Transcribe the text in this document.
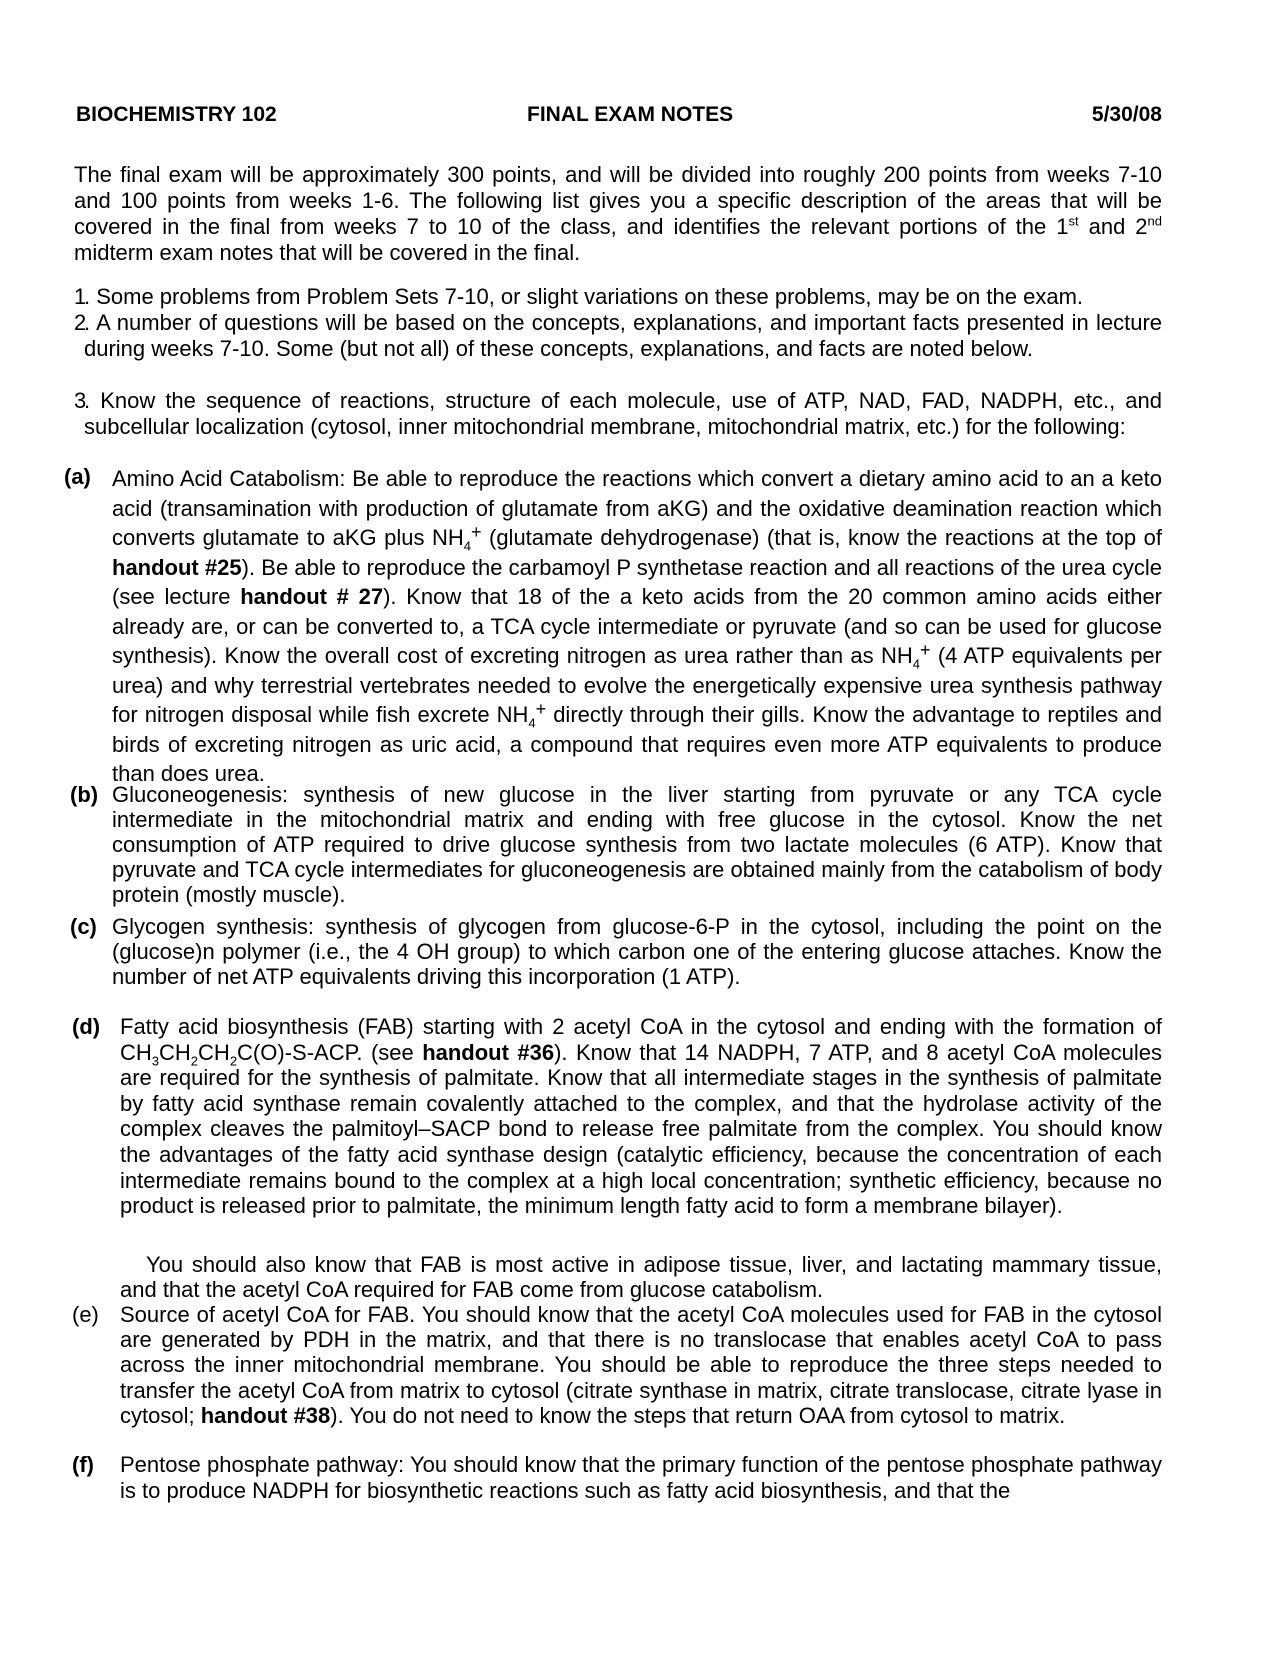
BIOCHEMISTRY 102	FINAL EXAM NOTES	5/30/08
The final exam will be approximately 300 points, and will be divided into roughly 200 points from weeks 7-10 and 100 points from weeks 1-6. The following list gives you a specific description of the areas that will be covered in the final from weeks 7 to 10 of the class, and identifies the relevant portions of the 1st and 2nd midterm exam notes that will be covered in the final.
1
. Some problems from Problem Sets 7-10, or slight variations on these problems, may be on the exam.
2
. A number of questions will be based on the concepts, explanations, and important facts presented in lecture during weeks 7-10. Some (but not all) of these concepts, explanations, and facts are noted below.
3
. Know the sequence of reactions, structure of each molecule, use of ATP, NAD, FAD, NADPH, etc., and subcellular localization (cytosol, inner mitochondrial membrane, mitochondrial matrix, etc.) for the following:
(a) Amino Acid Catabolism: Be able to reproduce the reactions which convert a dietary amino acid to an a keto acid (transamination with production of glutamate from aKG) and the oxidative deamination reaction which converts glutamate to aKG plus $NH_4^+$ (glutamate dehydrogenase) (that is, know the reactions at the top of handout #25). Be able to reproduce the carbamoyl P synthetase reaction and all reactions of the urea cycle (see lecture handout # 27). Know that 18 of the a keto acids from the 20 common amino acids either already are, or can be converted to, a TCA cycle intermediate or pyruvate (and so can be used for glucose synthesis). Know the overall cost of excreting nitrogen as urea rather than as $NH_4^+$ (4 ATP equivalents per urea) and why terrestrial vertebrates needed to evolve the energetically expensive urea synthesis pathway for nitrogen disposal while fish excrete $NH_4^+$ directly through their gills. Know the advantage to reptiles and birds of excreting nitrogen as uric acid, a compound that requires even more ATP equivalents to produce than does urea.
(b) Gluconeogenesis: synthesis of new glucose in the liver starting from pyruvate or any TCA cycle intermediate in the mitochondrial matrix and ending with free glucose in the cytosol. Know the net consumption of ATP required to drive glucose synthesis from two lactate molecules (6 ATP). Know that pyruvate and TCA cycle intermediates for gluconeogenesis are obtained mainly from the catabolism of body protein (mostly muscle).
(c) Glycogen synthesis: synthesis of glycogen from glucose-6-P in the cytosol, including the point on the (glucose)n polymer (i.e., the 4 OH group) to which carbon one of the entering glucose attaches. Know the number of net ATP equivalents driving this incorporation (1 ATP).
(d) Fatty acid biosynthesis (FAB) starting with 2 acetyl CoA in the cytosol and ending with the formation of $CH_3CH_2CH_2C(O)-S$-ACP. (see handout #36). Know that 14 NADPH, 7 ATP, and 8 acetyl CoA molecules are required for the synthesis of palmitate. Know that all intermediate stages in the synthesis of palmitate by fatty acid synthase remain covalently attached to the complex, and that the hydrolase activity of the complex cleaves the palmitoyl–SACP bond to release free palmitate from the complex. You should know the advantages of the fatty acid synthase design (catalytic efficiency, because the concentration of each intermediate remains bound to the complex at a high local concentration; synthetic efficiency, because no product is released prior to palmitate, the minimum length fatty acid to form a membrane bilayer).
You should also know that FAB is most active in adipose tissue, liver, and lactating mammary tissue, and that the acetyl CoA required for FAB come from glucose catabolism.
(e) Source of acetyl CoA for FAB. You should know that the acetyl CoA molecules used for FAB in the cytosol are generated by PDH in the matrix, and that there is no translocase that enables acetyl CoA to pass across the inner mitochondrial membrane. You should be able to reproduce the three steps needed to transfer the acetyl CoA from matrix to cytosol (citrate synthase in matrix, citrate translocase, citrate lyase in cytosol; handout #38). You do not need to know the steps that return OAA from cytosol to matrix.
(f) Pentose phosphate pathway: You should know that the primary function of the pentose phosphate pathway is to produce NADPH for biosynthetic reactions such as fatty acid biosynthesis, and that the
